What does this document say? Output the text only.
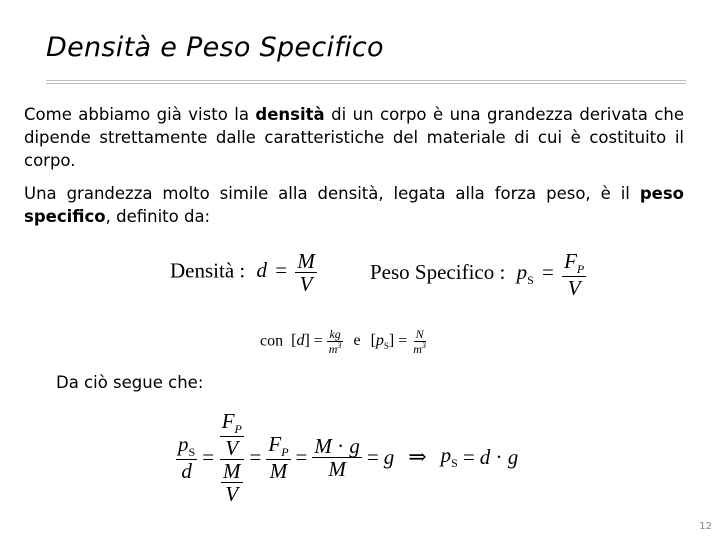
Densità e Peso Specifico
Come abbiamo già visto la densità di un corpo è una grandezza derivata che dipende strettamente dalle caratteristiche del materiale di cui è costituito il corpo.
Una grandezza molto simile alla densità, legata alla forza peso, è il peso specifico, definito da:
Densità : $d = \frac{M}{V}$	Peso Specifico : $p_S = \frac{F_P}{V}$
con $[d] = \frac{kg}{m^3}$ e $[p_S] = \frac{N}{m^3}$
Da ciò segue che:
$\frac{p_S}{d} = \frac{\frac{F_P}{V}}{\frac{M}{V}} = \frac{F_P}{M} = \frac{M \cdot g}{M} = g$ ⇒ $p_S = d \cdot g$
12
